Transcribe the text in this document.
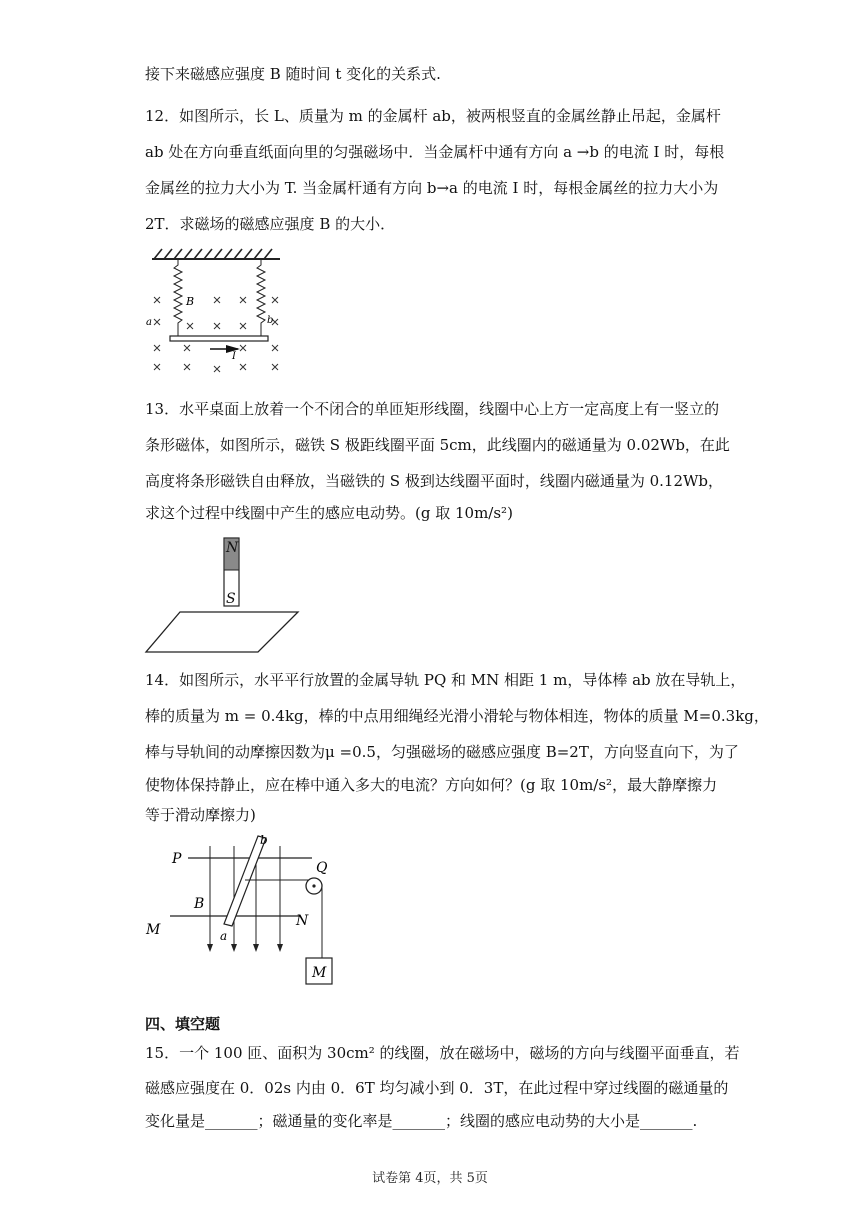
接下来磁感应强度 B 随时间 t 变化的关系式.
12．如图所示，长 L、质量为 m 的金属杆 ab，被两根竖直的金属丝静止吊起，金属杆
ab 处在方向垂直纸面向里的匀强磁场中．当金属杆中通有方向 a →b 的电流 I 时，每根
金属丝的拉力大小为 T. 当金属杆通有方向 b→a 的电流 I 时，每根金属丝的拉力大小为
2T．求磁场的磁感应强度 B 的大小．
B
a	b
I
13．水平桌面上放着一个不闭合的单匝矩形线圈，线圈中心上方一定高度上有一竖立的
条形磁体，如图所示，磁铁 S 极距线圈平面 5cm，此线圈内的磁通量为 0.02Wb，在此
高度将条形磁铁自由释放，当磁铁的 S 极到达线圈平面时，线圈内磁通量为 0.12Wb，
求这个过程中线圈中产生的感应电动势。(g 取 10m/s²)
N
S
14．如图所示，水平平行放置的金属导轨 PQ 和 MN 相距 1 m，导体棒 ab 放在导轨上，
棒的质量为 m = 0.4kg，棒的中点用细绳经光滑小滑轮与物体相连，物体的质量 M=0.3kg，
棒与导轨间的动摩擦因数为μ =0.5，匀强磁场的磁感应强度 B=2T，方向竖直向下，为了
使物体保持静止，应在棒中通入多大的电流？方向如何？(g 取 10m/s²，最大静摩擦力
等于滑动摩擦力)
M
P
Q
M
N
B
a
b
四、填空题
15．一个 100 匝、面积为 30cm² 的线圈，放在磁场中，磁场的方向与线圈平面垂直，若
磁感应强度在 0．02s 内由 0．6T 均匀减小到 0．3T，在此过程中穿过线圈的磁通量的
变化量是_______；磁通量的变化率是_______；线圈的感应电动势的大小是_______.
试卷第 4页，共 5页
